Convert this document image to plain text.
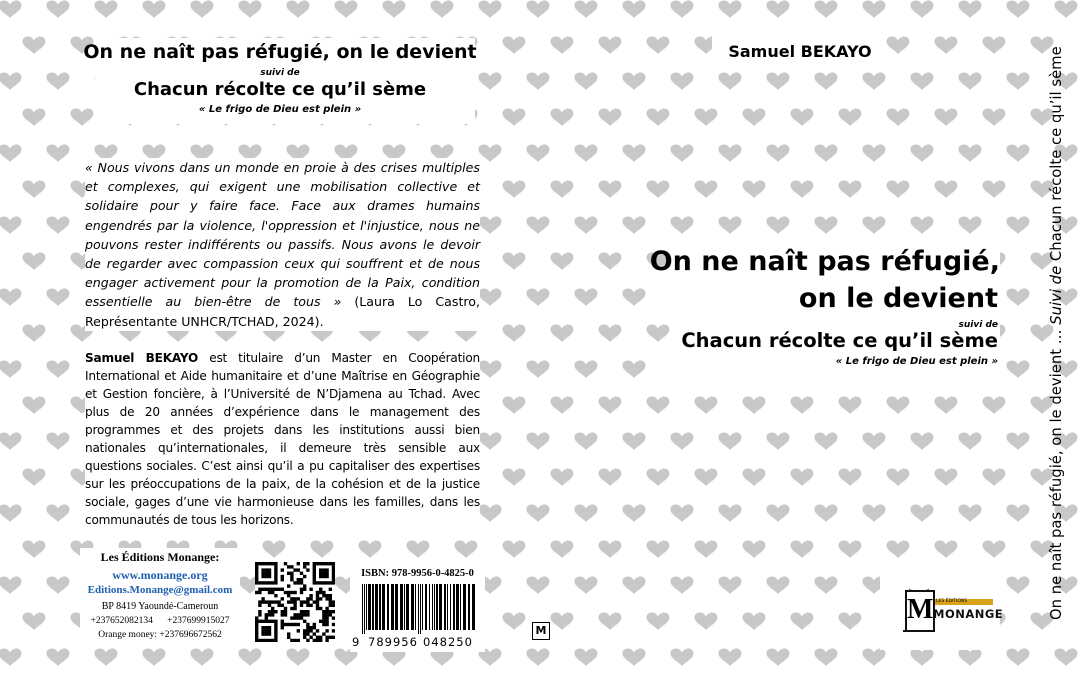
On ne naît pas réfugié, on le devient
suivi de
Chacun récolte ce qu’il sème
« Le frigo de Dieu est plein »
« Nous vivons dans un monde en proie à des crises multiples et complexes, qui exigent une mobilisation collective et solidaire pour y faire face. Face aux drames humains engendrés par la violence, l'oppression et l'injustice, nous ne pouvons rester indifférents ou passifs. Nous avons le devoir de regarder avec compassion ceux qui souffrent et de nous engager activement pour la promotion de la Paix, condition essentielle au bien-être de tous » (Laura Lo Castro, Représentante UNHCR/TCHAD, 2024).
Samuel BEKAYO est titulaire d’un Master en Coopération International et Aide humanitaire et d’une Maîtrise en Géographie et Gestion foncière, à l’Université de N’Djamena au Tchad. Avec plus de 20 années d’expérience dans le management des programmes et des projets dans les institutions aussi bien nationales qu’internationales, il demeure très sensible aux questions sociales. C’est ainsi qu’il a pu capitaliser des expertises sur les préoccupations de la paix, de la cohésion et de la justice sociale, gages d’une vie harmonieuse dans les familles, dans les communautés de tous les horizons.
Les Éditions Monange:
www.monange.org
Editions.Monange@gmail.com
BP 8419 Yaoundé-Cameroun
+237652082134 +237699915027
Orange money: +237696672562
ISBN: 978-9956-0-4825-0
9 789956 048250
On ne naît pas réfugié, on le devient … Suivi de Chacun récolte ce qu’il sème
M
Samuel BEKAYO
On ne naît pas réfugié,
on le devient
suivi de
Chacun récolte ce qu’il sème
« Le frigo de Dieu est plein »
M LES ÉDITIONS
MONANGE
